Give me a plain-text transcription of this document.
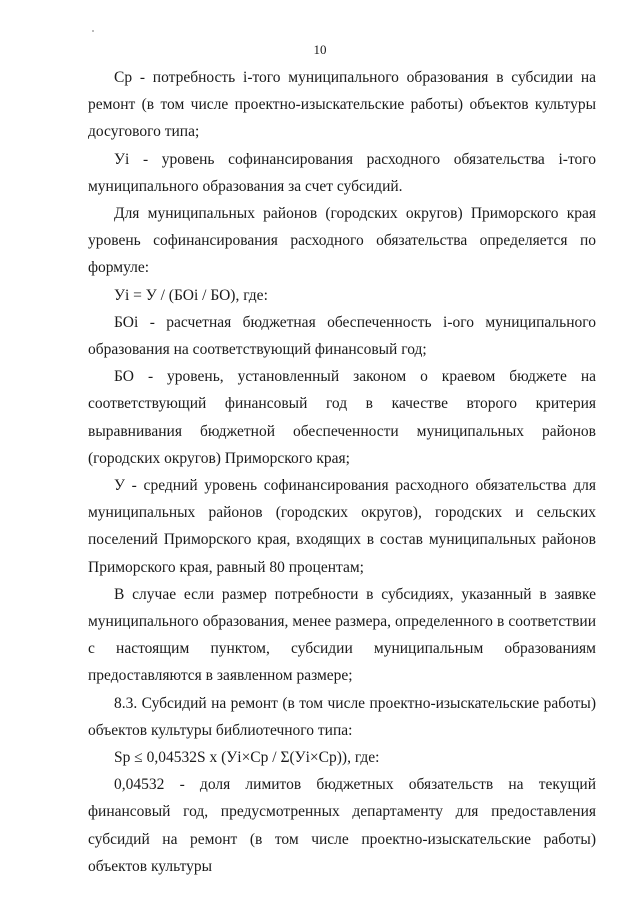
10

Ср - потребность i-того муниципального образования в субсидии на ремонт (в том числе проектно-изыскательские работы) объектов культуры досугового типа;

Уi - уровень софинансирования расходного обязательства i-того муниципального образования за счет субсидий.

Для муниципальных районов (городских округов) Приморского края уровень софинансирования расходного обязательства определяется по формуле:

Уi = У / (БОi / БО), где:

БОi - расчетная бюджетная обеспеченность i-ого муниципального образования на соответствующий финансовый год;

БО - уровень, установленный законом о краевом бюджете на соответствующий финансовый год в качестве второго критерия выравнивания бюджетной обеспеченности муниципальных районов (городских округов) Приморского края;

У - средний уровень софинансирования расходного обязательства для муниципальных районов (городских округов), городских и сельских поселений Приморского края, входящих в состав муниципальных районов Приморского края, равный 80 процентам;

В случае если размер потребности в субсидиях, указанный в заявке муниципального образования, менее размера, определенного в соответствии с настоящим пунктом, субсидии муниципальным образованиям предоставляются в заявленном размере;

8.3. Субсидий на ремонт (в том числе проектно-изыскательские работы) объектов культуры библиотечного типа:

Sр ≤ 0,04532S х (Уi×Ср / Σ(Уi×Ср)), где:

0,04532 - доля лимитов бюджетных обязательств на текущий финансовый год, предусмотренных департаменту для предоставления субсидий на ремонт (в том числе проектно-изыскательские работы) объектов культуры
